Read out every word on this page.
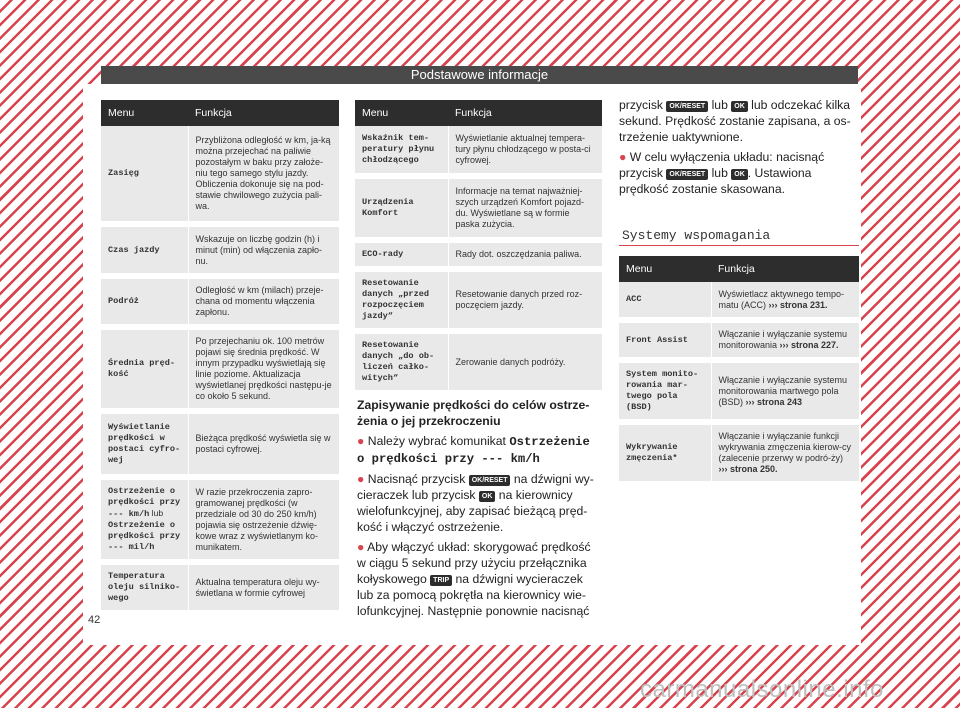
Podstawowe informacje
Menu	Funkcja
Zasięg	Przybliżona odległość w km, ja-ką można przejechać na paliwie pozostałym w baku przy założe-niu tego samego stylu jazdy. Obliczenia dokonuje się na pod-stawie chwilowego zużycia pali-wa.
Czas jazdy	Wskazuje on liczbę godzin (h) i minut (min) od włączenia zapło-nu.
Podróż	Odległość w km (milach) przeje-chana od momentu włączenia zapłonu.
Średnia pręd-kość	Po przejechaniu ok. 100 metrów pojawi się średnia prędkość. W innym przypadku wyświetlają się linie poziome. Aktualizacja wyświetlanej prędkości następu-je co około 5 sekund.
Wyświetlanie prędkości w postaci cyfro-wej	Bieżąca prędkość wyświetla się w postaci cyfrowej.
Ostrzeżenie o prędkości przy --- km/h lub Ostrzeżenie o prędkości przy --- mil/h	W razie przekroczenia zapro-gramowanej prędkości (w przedziale od 30 do 250 km/h) pojawia się ostrzeżenie dźwię-kowe wraz z wyświetlanym ko-munikatem.
Temperatura oleju silniko-wego	Aktualna temperatura oleju wy-świetlana w formie cyfrowej
Menu	Funkcja
Wskaźnik tem-peratury płynu chłodzącego	Wyświetlanie aktualnej tempera-tury płynu chłodzącego w posta-ci cyfrowej.
Urządzenia Komfort	Informacje na temat najważniej-szych urządzeń Komfort pojazd-du. Wyświetlane są w formie paska zużycia.
ECO-rady	Rady dot. oszczędzania paliwa.
Resetowanie danych „przed rozpoczęciem jazdy“	Resetowanie danych przed roz-poczęciem jazdy.
Resetowanie danych „do ob-liczeń całko-witych“	Zerowanie danych podróży.
Zapisywanie prędkości do celów ostrze-żenia o jej przekroczeniu

● Należy wybrać komunikat Ostrzeżenie o prędkości przy --- km/h

● Nacisnąć przycisk OK/RESET na dźwigni wy-cieraczek lub przycisk OK na kierownicy wielofunkcyjnej, aby zapisać bieżącą pręd-kość i włączyć ostrzeżenie.

● Aby włączyć układ: skorygować prędkość w ciągu 5 sekund przy użyciu przełącznika kołyskowego TRIP na dźwigni wycieraczek lub za pomocą pokrętła na kierownicy wie-lofunkcyjnej. Następnie ponownie nacisnąć

przycisk OK/RESET lub OK lub odczekać kilka sekund. Prędkość zostanie zapisana, a os-trzeżenie uaktywnione.

● W celu wyłączenia układu: nacisnąć przycisk OK/RESET lub OK . Ustawiona prędkość zostanie skasowana.

Systemy wspomagania
Menu	Funkcja
ACC	Wyświetlacz aktywnego tempo-matu (ACC) ››› strona 231.
Front Assist	Włączanie i wyłączanie systemu monitorowania ››› strona 227.
System monito-rowania mar-twego pola (BSD)	Włączanie i wyłączanie systemu monitorowania martwego pola (BSD) ››› strona 243
Wykrywanie zmęczenia*	Włączanie i wyłączanie funkcji wykrywania zmęczenia kierow-cy (zalecenie przerwy w podró-ży) ››› strona 250.
42
carmanualsonline.info
